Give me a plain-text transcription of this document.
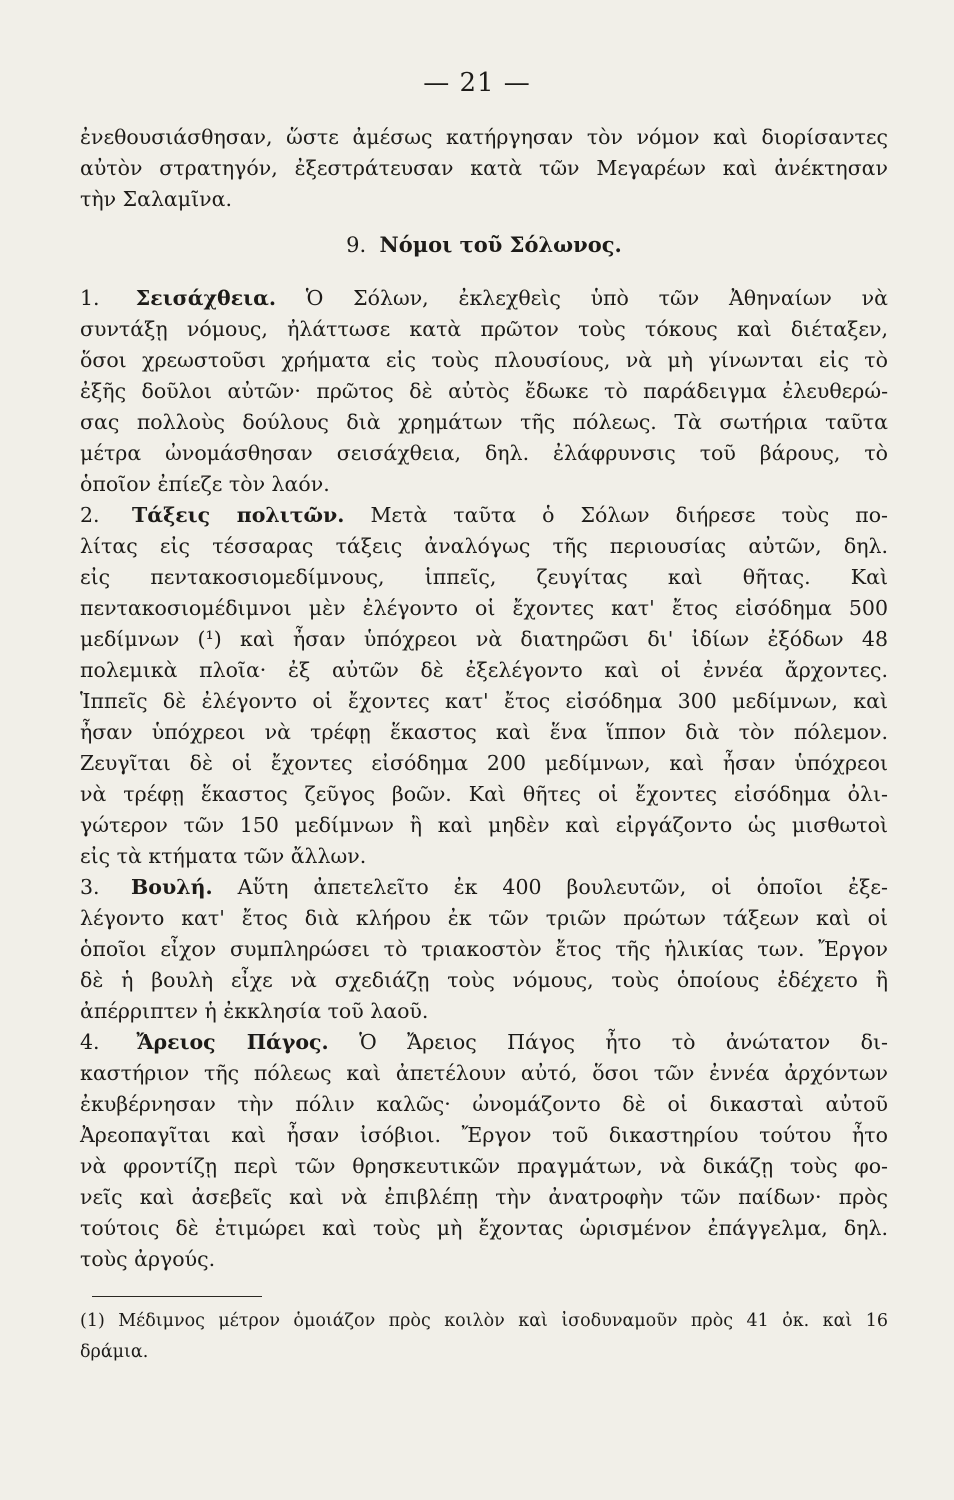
— 21 —
ἐνεθουσιάσθησαν, ὥστε ἀμέσως κατήργησαν τὸν νόμον καὶ διορίσαντες
αὐτὸν στρατηγόν, ἐξεστράτευσαν κατὰ τῶν Μεγαρέων καὶ ἀνέκτησαν
τὴν Σαλαμῖνα.
9. Νόμοι τοῦ Σόλωνος.
1. Σεισάχθεια. Ὁ Σόλων, ἐκλεχθεὶς ὑπὸ τῶν Ἀθηναίων νὰ
συντάξῃ νόμους, ἠλάττωσε κατὰ πρῶτον τοὺς τόκους καὶ διέταξεν,
ὅσοι χρεωστοῦσι χρήματα εἰς τοὺς πλουσίους, νὰ μὴ γίνωνται εἰς τὸ
ἐξῆς δοῦλοι αὐτῶν· πρῶτος δὲ αὐτὸς ἔδωκε τὸ παράδειγμα ἐλευθερώ-
σας πολλοὺς δούλους διὰ χρημάτων τῆς πόλεως. Τὰ σωτήρια ταῦτα
μέτρα ὠνομάσθησαν σεισάχθεια, δηλ. ἐλάφρυνσις τοῦ βάρους, τὸ
ὁποῖον ἐπίεζε τὸν λαόν.
2. Τάξεις πολιτῶν. Μετὰ ταῦτα ὁ Σόλων διήρεσε τοὺς πο-
λίτας εἰς τέσσαρας τάξεις ἀναλόγως τῆς περιουσίας αὐτῶν, δηλ.
εἰς πεντακοσιομεδίμνους, ἱππεῖς, ζευγίτας καὶ θῆτας. Καὶ
πεντακοσιομέδιμνοι μὲν ἐλέγοντο οἱ ἔχοντες κατ' ἔτος εἰσόδημα 500
μεδίμνων (¹) καὶ ἦσαν ὑπόχρεοι νὰ διατηρῶσι δι' ἰδίων ἐξόδων 48
πολεμικὰ πλοῖα· ἐξ αὐτῶν δὲ ἐξελέγοντο καὶ οἱ ἐννέα ἄρχοντες.
Ἱππεῖς δὲ ἐλέγοντο οἱ ἔχοντες κατ' ἔτος εἰσόδημα 300 μεδίμνων, καὶ
ἦσαν ὑπόχρεοι νὰ τρέφῃ ἕκαστος καὶ ἕνα ἵππον διὰ τὸν πόλεμον.
Ζευγῖται δὲ οἱ ἔχοντες εἰσόδημα 200 μεδίμνων, καὶ ἦσαν ὑπόχρεοι
νὰ τρέφῃ ἕκαστος ζεῦγος βοῶν. Καὶ θῆτες οἱ ἔχοντες εἰσόδημα ὀλι-
γώτερον τῶν 150 μεδίμνων ἢ καὶ μηδὲν καὶ εἰργάζοντο ὡς μισθωτοὶ
εἰς τὰ κτήματα τῶν ἄλλων.
3. Βουλή. Αὕτη ἀπετελεῖτο ἐκ 400 βουλευτῶν, οἱ ὁποῖοι ἐξε-
λέγοντο κατ' ἔτος διὰ κλήρου ἐκ τῶν τριῶν πρώτων τάξεων καὶ οἱ
ὁποῖοι εἶχον συμπληρώσει τὸ τριακοστὸν ἔτος τῆς ἡλικίας των. Ἔργον
δὲ ἡ βουλὴ εἶχε νὰ σχεδιάζῃ τοὺς νόμους, τοὺς ὁποίους ἐδέχετο ἢ
ἀπέρριπτεν ἡ ἐκκλησία τοῦ λαοῦ.
4. Ἄρειος Πάγος. Ὁ Ἄρειος Πάγος ἦτο τὸ ἀνώτατον δι-
καστήριον τῆς πόλεως καὶ ἀπετέλουν αὐτό, ὅσοι τῶν ἐννέα ἀρχόντων
ἐκυβέρνησαν τὴν πόλιν καλῶς· ὠνομάζοντο δὲ οἱ δικασταὶ αὐτοῦ
Ἀρεοπαγῖται καὶ ἦσαν ἰσόβιοι. Ἔργον τοῦ δικαστηρίου τούτου ἦτο
νὰ φροντίζῃ περὶ τῶν θρησκευτικῶν πραγμάτων, νὰ δικάζῃ τοὺς φο-
νεῖς καὶ ἀσεβεῖς καὶ νὰ ἐπιβλέπῃ τὴν ἀνατροφὴν τῶν παίδων· πρὸς
τούτοις δὲ ἐτιμώρει καὶ τοὺς μὴ ἔχοντας ὡρισμένον ἐπάγγελμα, δηλ.
τοὺς ἀργούς.
(1) Μέδιμνος μέτρον ὁμοιάζον πρὸς κοιλὸν καὶ ἰσοδυναμοῦν πρὸς 41 ὀκ. καὶ 16
δράμια.
